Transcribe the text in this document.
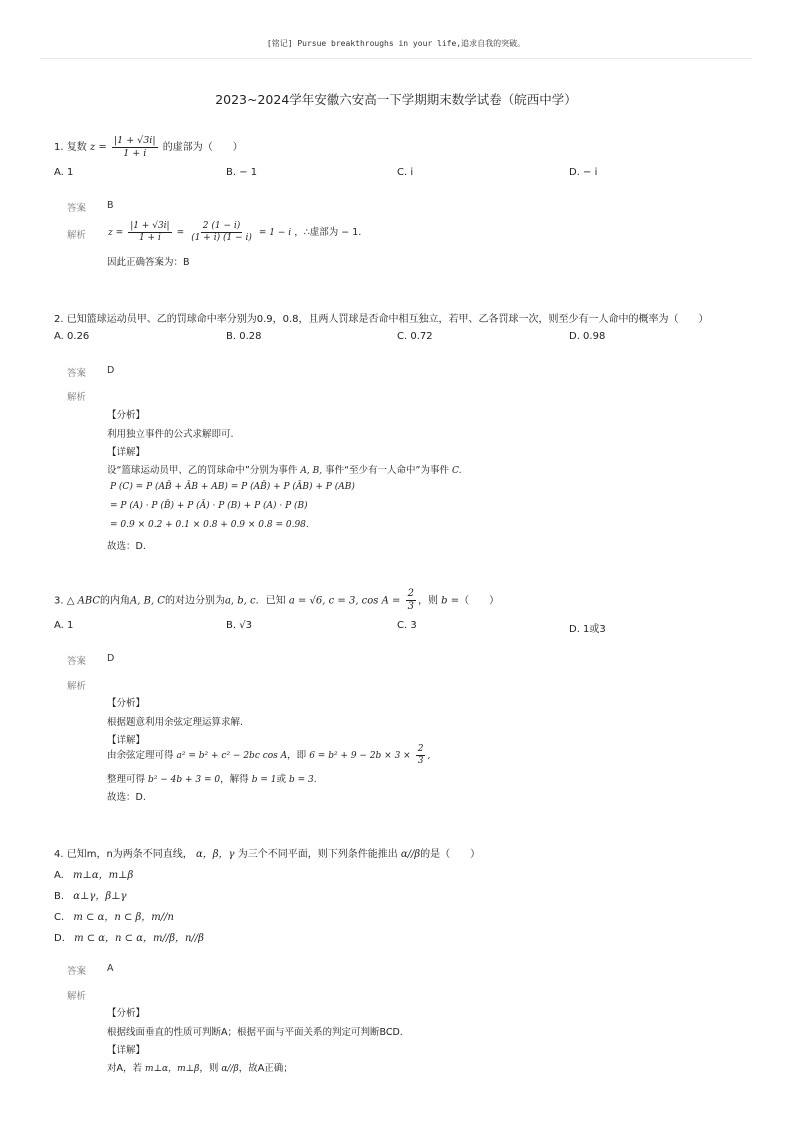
[铭记] Pursue breakthroughs in your life,追求自我的突破。
2023~2024学年安徽六安高一下学期期末数学试卷（皖西中学）
1. 复数 $z = \frac{|1 + √3i|}{1 + i}$ 的虚部为（　　）
A. 1	B. − 1	C. i	D. − i
答案 B
解析 $z = \frac{|1 + √3i|}{1 + i} = \frac{2 (1 - i)}{(1 + i) (1 - i)} = 1 - i$ ，∴虚部为 − 1.
因此正确答案为：B
2. 已知篮球运动员甲、乙的罚球命中率分别为0.9，0.8，且两人罚球是否命中相互独立，若甲、乙各罚球一次，则至少有一人命中的概率为（　　）
A. 0.26	B. 0.28	C. 0.72	D. 0.98
答案 D
解析
【分析】
利用独立事件的公式求解即可.
【详解】
设“篮球运动员甲、乙的罚球命中”分别为事件 A, B, 事件“至少有一人命中”为事件 C.
P (C) = P (AB̄ + ĀB + AB) = P (AB̄) + P (ĀB) + P (AB)
= P (A) · P (B̄) + P (Ā) · P (B) + P (A) · P (B)
= 0.9 × 0.2 + 0.1 × 0.8 + 0.9 × 0.8 = 0.98.
故选：D.
3. △ ABC的内角A, B, C的对边分别为a, b, c．已知 a = √6, c = 3, $\cos A = \frac{2}{3}$ ，则 b =（　　）
A. 1	B. √3	C. 3	D. 1或3
答案 D
解析
【分析】
根据题意利用余弦定理运算求解.
【详解】
由余弦定理可得 a² = b² + c² − 2bc cos A，即 $6 = b^2 + 9 - 2b \times 3 \times \frac{2}{3}$ ,
整理可得 b² − 4b + 3 = 0，解得 b = 1或 b = 3.
故选：D.
4. 已知m，n为两条不同直线， α，β，γ 为三个不同平面，则下列条件能推出 α//β的是（　　）
A. m⊥α，m⊥β
B. α⊥γ，β⊥γ
C. m ⊂ α，n ⊂ β，m//n
D. m ⊂ α，n ⊂ α，m//β，n//β
答案 A
解析
【分析】
根据线面垂直的性质可判断A；根据平面与平面关系的判定可判断BCD.
【详解】
对A，若 m⊥α，m⊥β，则 α//β，故A正确；
